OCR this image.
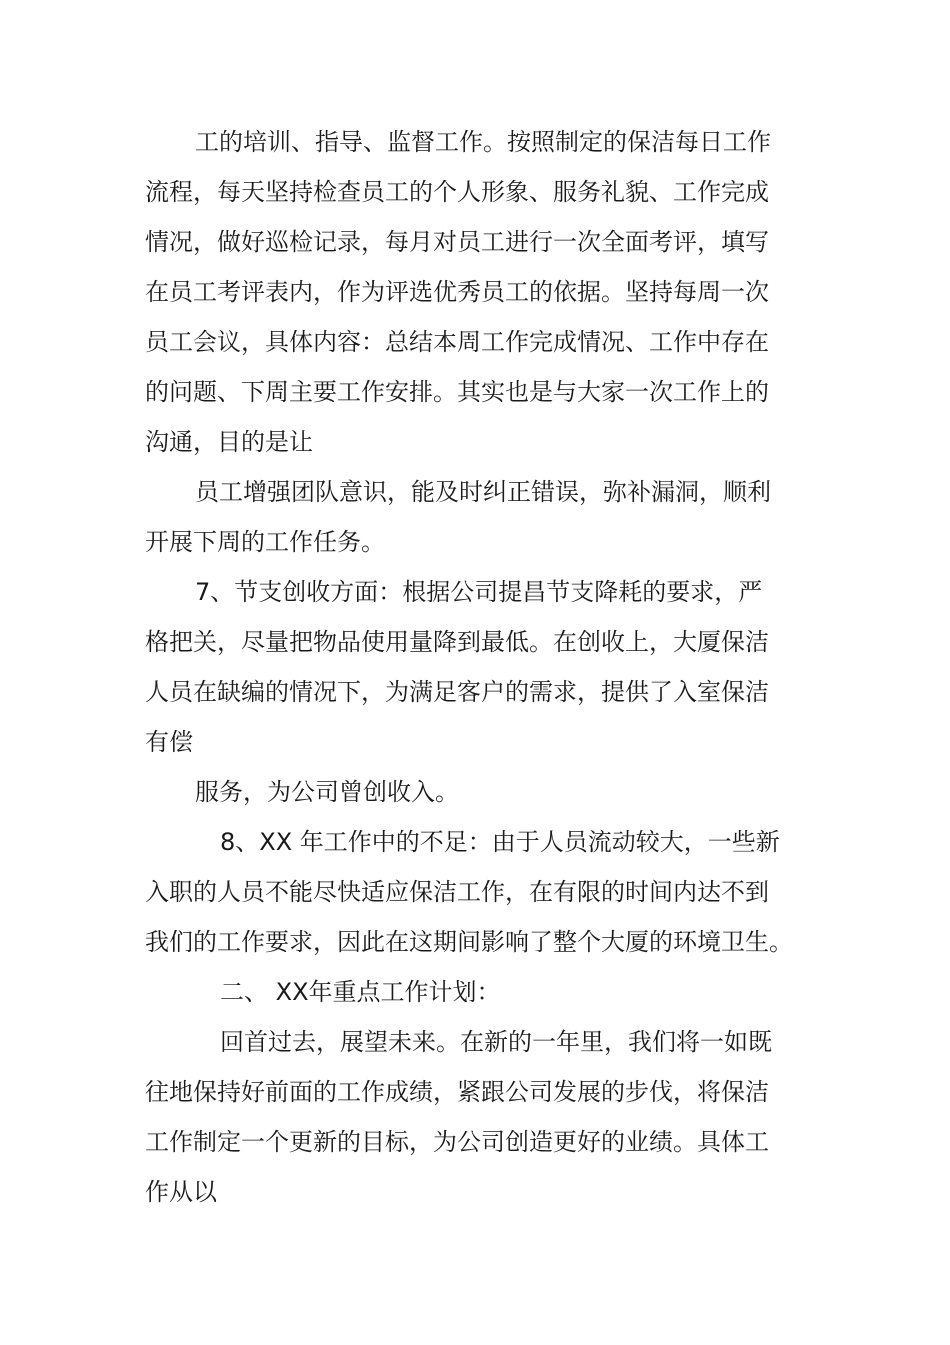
工的培训、指导、监督工作。按照制定的保洁每日工作
流程，每天坚持检查员工的个人形象、服务礼貌、工作完成
情况，做好巡检记录，每月对员工进行一次全面考评，填写
在员工考评表内，作为评选优秀员工的依据。坚持每周一次
员工会议，具体内容：总结本周工作完成情况、工作中存在
的问题、下周主要工作安排。其实也是与大家一次工作上的
沟通，目的是让
员工增强团队意识，能及时纠正错误，弥补漏洞，顺利
开展下周的工作任务。
7、节支创收方面：根据公司提昌节支降耗的要求，严
格把关，尽量把物品使用量降到最低。在创收上，大厦保洁
人员在缺编的情况下，为满足客户的需求，提供了入室保洁
有偿
服务，为公司曾创收入。
8、XX 年工作中的不足：由于人员流动较大，一些新
入职的人员不能尽快适应保洁工作，在有限的时间内达不到
我们的工作要求，因此在这期间影响了整个大厦的环境卫生。
二、 XX年重点工作计划：
回首过去，展望未来。在新的一年里，我们将一如既
往地保持好前面的工作成绩，紧跟公司发展的步伐，将保洁
工作制定一个更新的目标，为公司创造更好的业绩。具体工
作从以
